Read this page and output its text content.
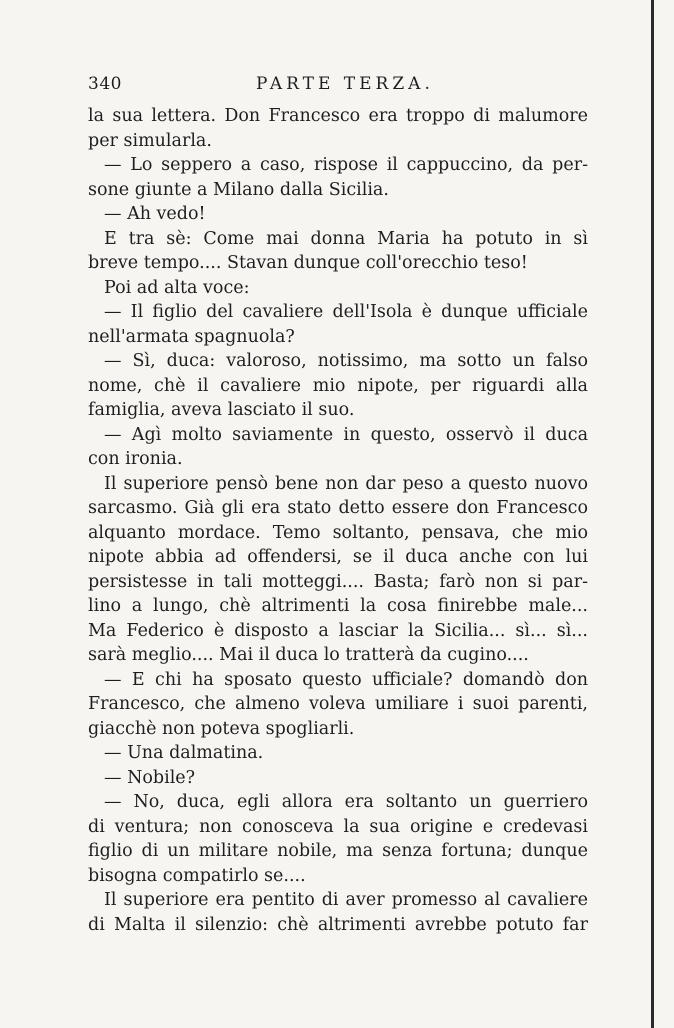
340	PARTE TERZA.
la sua lettera. Don Francesco era troppo di malumore
per simularla.
— Lo seppero a caso, rispose il cappuccino, da per-
sone giunte a Milano dalla Sicilia.
— Ah vedo!
E tra sè: Come mai donna Maria ha potuto in sì
breve tempo.... Stavan dunque coll'orecchio teso!
Poi ad alta voce:
— Il figlio del cavaliere dell'Isola è dunque ufficiale
nell'armata spagnuola?
— Sì, duca: valoroso, notissimo, ma sotto un falso
nome, chè il cavaliere mio nipote, per riguardi alla
famiglia, aveva lasciato il suo.
— Agì molto saviamente in questo, osservò il duca
con ironia.
Il superiore pensò bene non dar peso a questo nuovo
sarcasmo. Già gli era stato detto essere don Francesco
alquanto mordace. Temo soltanto, pensava, che mio
nipote abbia ad offendersi, se il duca anche con lui
persistesse in tali motteggi.... Basta; farò non si par-
lino a lungo, chè altrimenti la cosa finirebbe male...
Ma Federico è disposto a lasciar la Sicilia... sì... sì...
sarà meglio.... Mai il duca lo tratterà da cugino....
— E chi ha sposato questo ufficiale? domandò don
Francesco, che almeno voleva umiliare i suoi parenti,
giacchè non poteva spogliarli.
— Una dalmatina.
— Nobile?
— No, duca, egli allora era soltanto un guerriero
di ventura; non conosceva la sua origine e credevasi
figlio di un militare nobile, ma senza fortuna; dunque
bisogna compatirlo se....
Il superiore era pentito di aver promesso al cavaliere
di Malta il silenzio: chè altrimenti avrebbe potuto far
